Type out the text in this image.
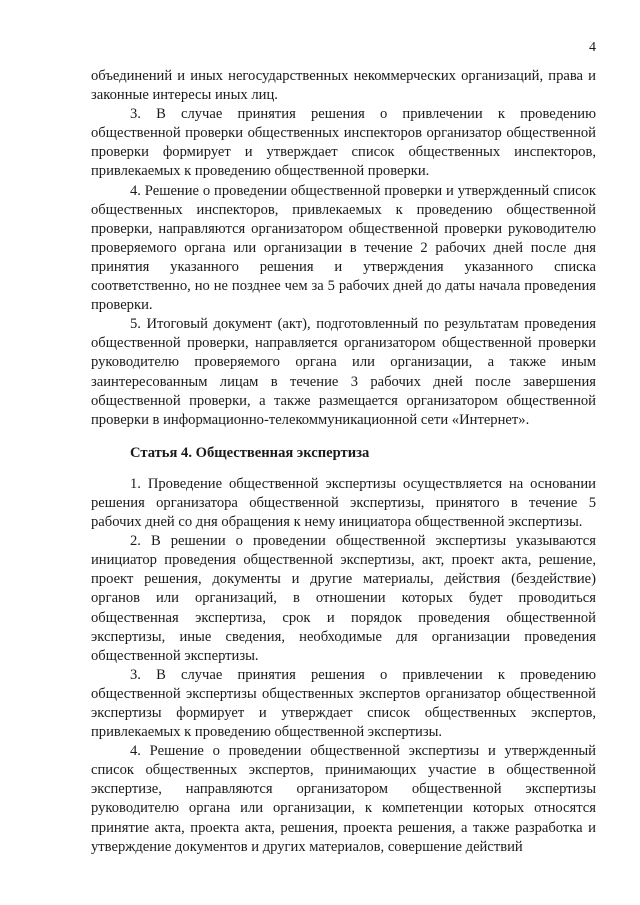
4

объединений и иных негосударственных некоммерческих организаций, права и законные интересы иных лиц.

3. В случае принятия решения о привлечении к проведению общественной проверки общественных инспекторов организатор общественной проверки формирует и утверждает список общественных инспекторов, привлекаемых к проведению общественной проверки.

4. Решение о проведении общественной проверки и утвержденный список общественных инспекторов, привлекаемых к проведению общественной проверки, направляются организатором общественной проверки руководителю проверяемого органа или организации в течение 2 рабочих дней после дня принятия указанного решения и утверждения указанного списка соответственно, но не позднее чем за 5 рабочих дней до даты начала проведения проверки.

5. Итоговый документ (акт), подготовленный по результатам проведения общественной проверки, направляется организатором общественной проверки руководителю проверяемого органа или организации, а также иным заинтересованным лицам в течение 3 рабочих дней после завершения общественной проверки, а также размещается организатором общественной проверки в информационно-телекоммуникационной сети «Интернет».

Статья 4. Общественная экспертиза

1. Проведение общественной экспертизы осуществляется на основании решения организатора общественной экспертизы, принятого в течение 5 рабочих дней со дня обращения к нему инициатора общественной экспертизы.

2. В решении о проведении общественной экспертизы указываются инициатор проведения общественной экспертизы, акт, проект акта, решение, проект решения, документы и другие материалы, действия (бездействие) органов или организаций, в отношении которых будет проводиться общественная экспертиза, срок и порядок проведения общественной экспертизы, иные сведения, необходимые для организации проведения общественной экспертизы.

3. В случае принятия решения о привлечении к проведению общественной экспертизы общественных экспертов организатор общественной экспертизы формирует и утверждает список общественных экспертов, привлекаемых к проведению общественной экспертизы.

4. Решение о проведении общественной экспертизы и утвержденный список общественных экспертов, принимающих участие в общественной экспертизе, направляются организатором общественной экспертизы руководителю органа или организации, к компетенции которых относятся принятие акта, проекта акта, решения, проекта решения, а также разработка и утверждение документов и других материалов, совершение действий
